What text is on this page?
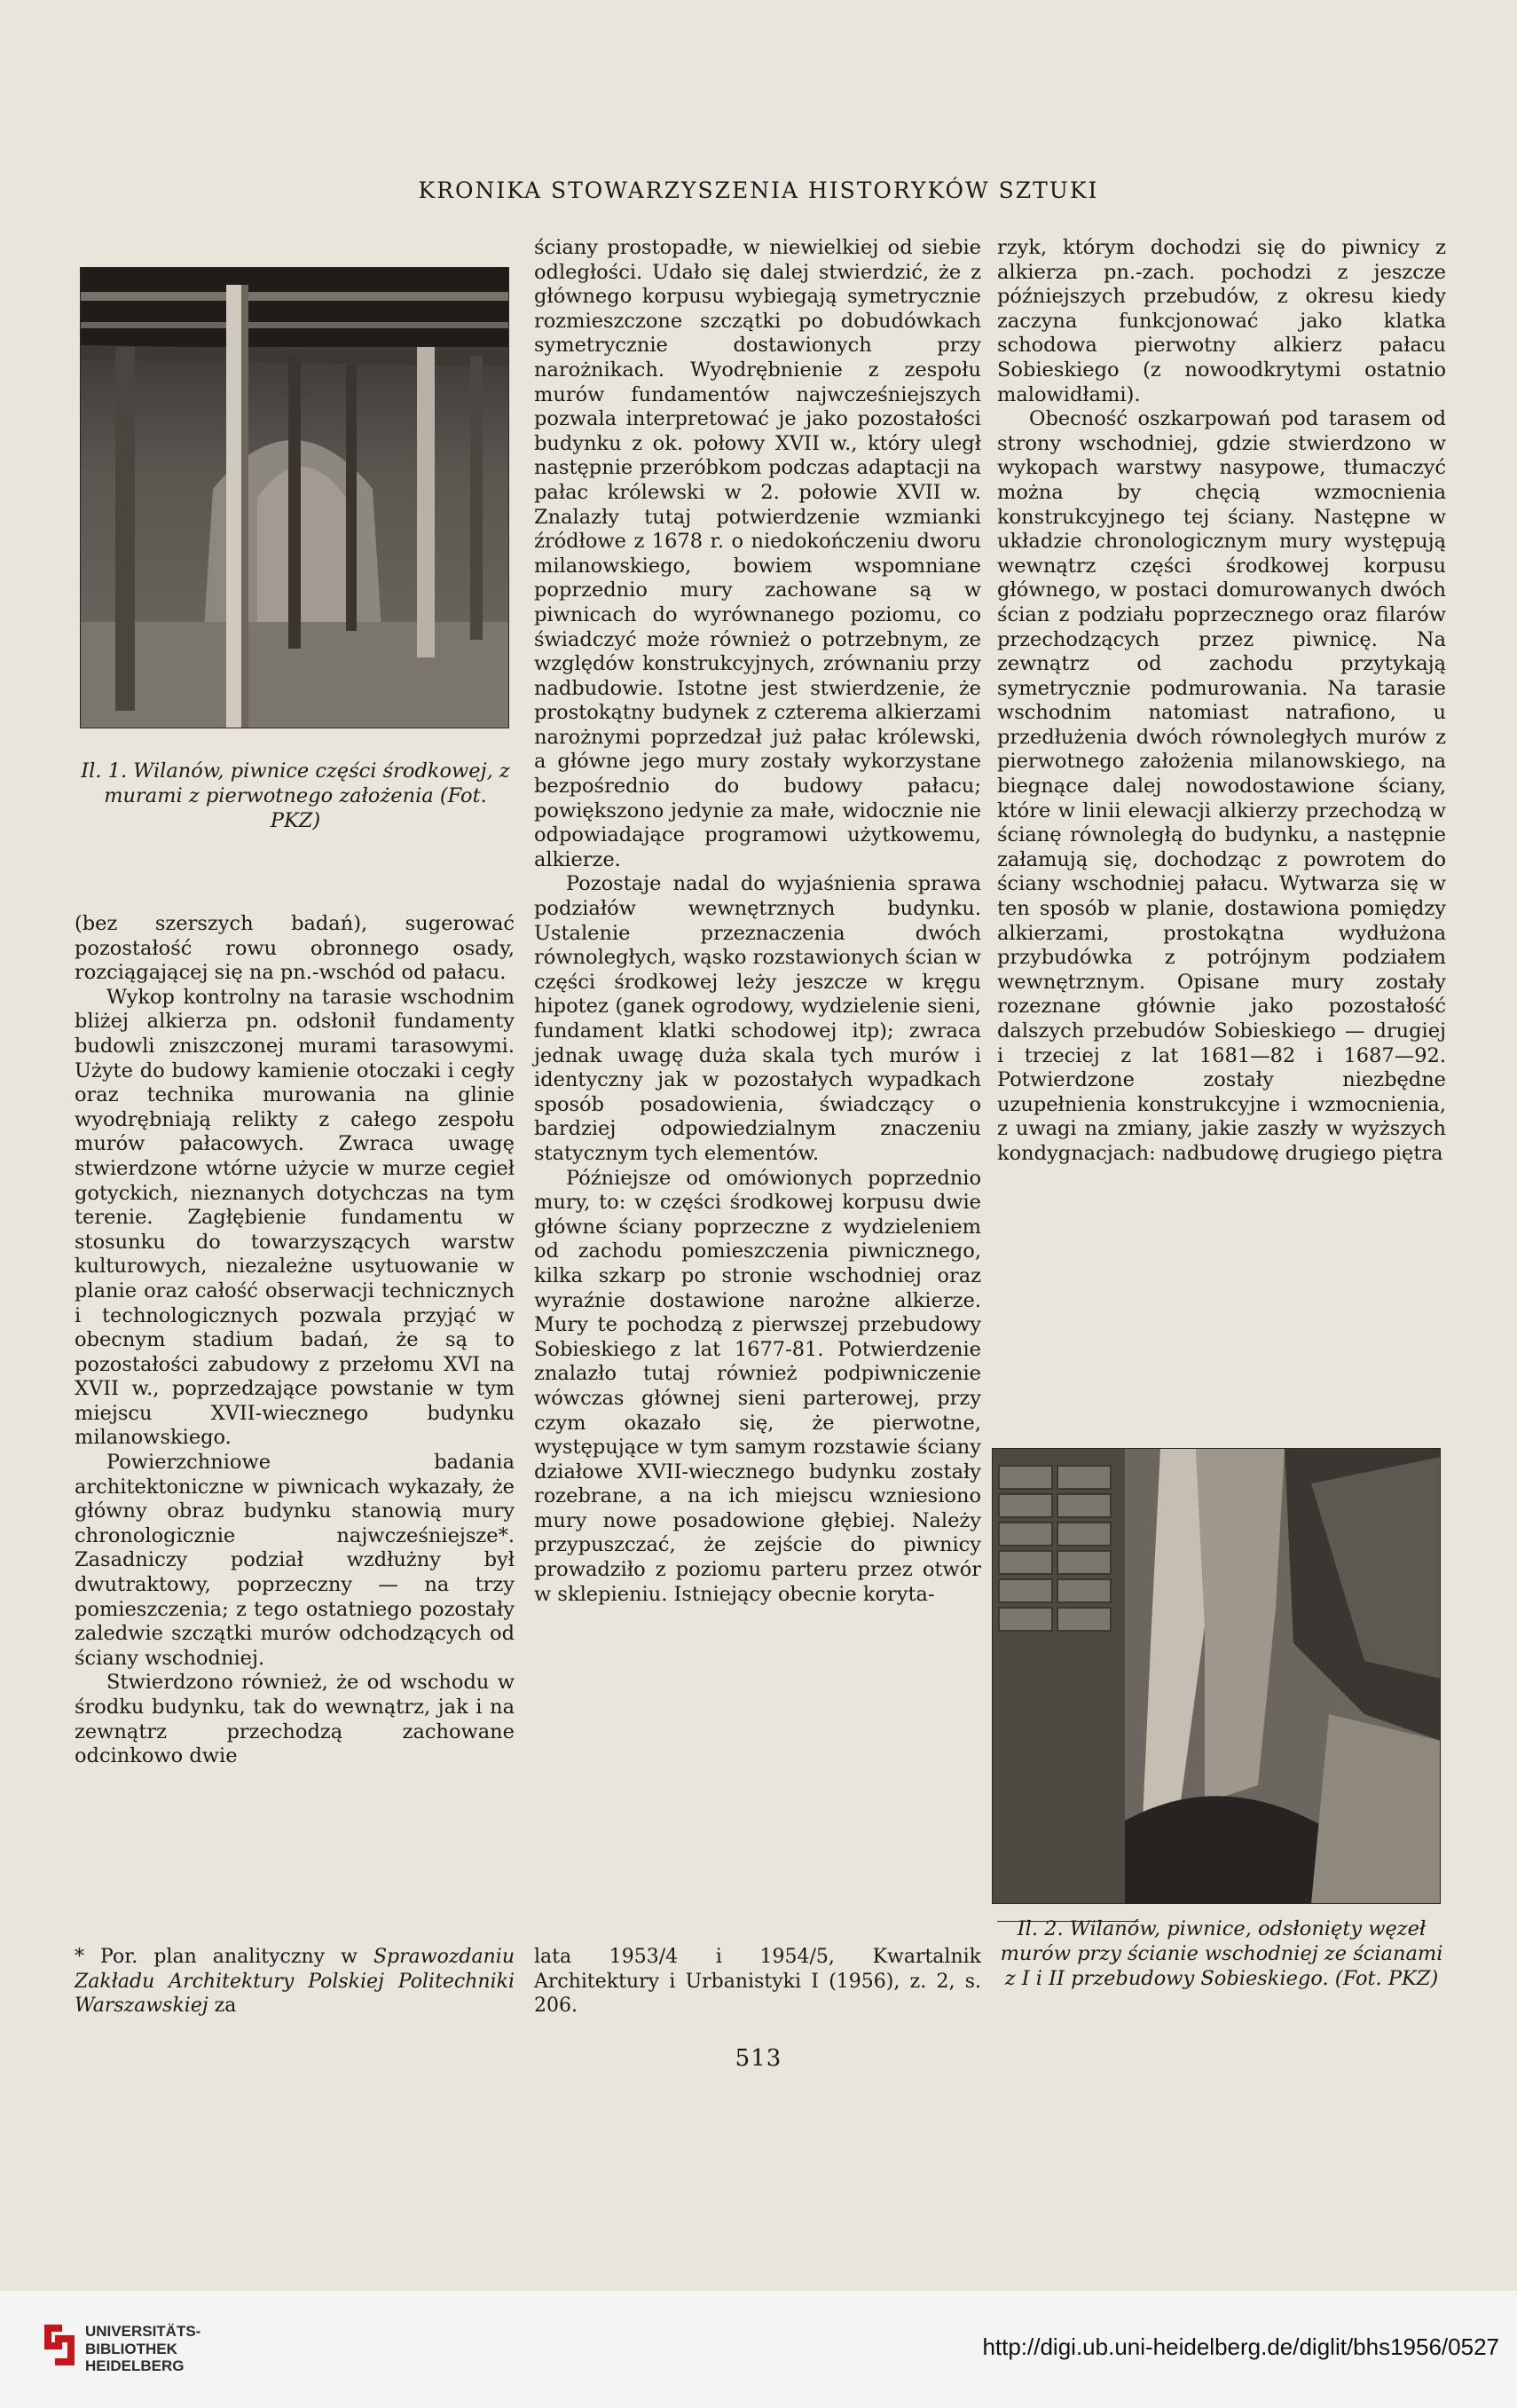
KRONIKA STOWARZYSZENIA HISTORYKÓW SZTUKI
Il. 1. Wilanów, piwnice części środkowej, z murami z pierwotnego założenia (Fot. PKZ)

(bez szerszych badań), sugerować pozostałość rowu obronnego osady, rozciągającej się na pn.-wschód od pałacu.

Wykop kontrolny na tarasie wschodnim bliżej alkierza pn. odsłonił fundamenty budowli zniszczonej murami tarasowymi. Użyte do budowy kamienie otoczaki i cegły oraz technika murowania na glinie wyodrębniają relikty z całego zespołu murów pałacowych. Zwraca uwagę stwierdzone wtórne użycie w murze cegieł gotyckich, nieznanych dotychczas na tym terenie. Zagłębienie fundamentu w stosunku do towarzyszących warstw kulturowych, niezależne usytuowanie w planie oraz całość obserwacji technicznych i technologicznych pozwala przyjąć w obecnym stadium badań, że są to pozostałości zabudowy z przełomu XVI na XVII w., poprzedzające powstanie w tym miejscu XVII-wiecznego budynku milanowskiego.

Powierzchniowe badania architektoniczne w piwnicach wykazały, że główny obraz budynku stanowią mury chronologicznie najwcześniejsze*. Zasadniczy podział wzdłużny był dwutraktowy, poprzeczny — na trzy pomieszczenia; z tego ostatniego pozostały zaledwie szczątki murów odchodzących od ściany wschodniej.

Stwierdzono również, że od wschodu w środku budynku, tak do wewnątrz, jak i na zewnątrz przechodzą zachowane odcinkowo dwie

ściany prostopadłe, w niewielkiej od siebie odległości. Udało się dalej stwierdzić, że z głównego korpusu wybiegają symetrycznie rozmieszczone szczątki po dobudówkach symetrycznie dostawionych przy narożnikach. Wyodrębnienie z zespołu murów fundamentów najwcześniejszych pozwala interpretować je jako pozostałości budynku z ok. połowy XVII w., który uległ następnie przeróbkom podczas adaptacji na pałac królewski w 2. połowie XVII w. Znalazły tutaj potwierdzenie wzmianki źródłowe z 1678 r. o niedokończeniu dworu milanowskiego, bowiem wspomniane poprzednio mury zachowane są w piwnicach do wyrównanego poziomu, co świadczyć może również o potrzebnym, ze względów konstrukcyjnych, zrównaniu przy nadbudowie. Istotne jest stwierdzenie, że prostokątny budynek z czterema alkierzami narożnymi poprzedzał już pałac królewski, a główne jego mury zostały wykorzystane bezpośrednio do budowy pałacu; powiększono jedynie za małe, widocznie nie odpowiadające programowi użytkowemu, alkierze.

Pozostaje nadal do wyjaśnienia sprawa podziałów wewnętrznych budynku. Ustalenie przeznaczenia dwóch równoległych, wąsko rozstawionych ścian w części środkowej leży jeszcze w kręgu hipotez (ganek ogrodowy, wydzielenie sieni, fundament klatki schodowej itp); zwraca jednak uwagę duża skala tych murów i identyczny jak w pozostałych wypadkach sposób posadowienia, świadczący o bardziej odpowiedzialnym znaczeniu statycznym tych elementów.

Późniejsze od omówionych poprzednio mury, to: w części środkowej korpusu dwie główne ściany poprzeczne z wydzieleniem od zachodu pomieszczenia piwnicznego, kilka szkarp po stronie wschodniej oraz wyraźnie dostawione narożne alkierze. Mury te pochodzą z pierwszej przebudowy Sobieskiego z lat 1677-81. Potwierdzenie znalazło tutaj również podpiwniczenie wówczas głównej sieni parterowej, przy czym okazało się, że pierwotne, występujące w tym samym rozstawie ściany działowe XVII-wiecznego budynku zostały rozebrane, a na ich miejscu wzniesiono mury nowe posadowione głębiej. Należy przypuszczać, że zejście do piwnicy prowadziło z poziomu parteru przez otwór w sklepieniu. Istniejący obecnie koryta-

rzyk, którym dochodzi się do piwnicy z alkierza pn.-zach. pochodzi z jeszcze późniejszych przebudów, z okresu kiedy zaczyna funkcjonować jako klatka schodowa pierwotny alkierz pałacu Sobieskiego (z nowoodkrytymi ostatnio malowidłami).

Obecność oszkarpowań pod tarasem od strony wschodniej, gdzie stwierdzono w wykopach warstwy nasypowe, tłumaczyć można by chęcią wzmocnienia konstrukcyjnego tej ściany. Następne w układzie chronologicznym mury występują wewnątrz części środkowej korpusu głównego, w postaci domurowanych dwóch ścian z podziału poprzecznego oraz filarów przechodzących przez piwnicę. Na zewnątrz od zachodu przytykają symetrycznie podmurowania. Na tarasie wschodnim natomiast natrafiono, u przedłużenia dwóch równoległych murów z pierwotnego założenia milanowskiego, na biegnące dalej nowodostawione ściany, które w linii elewacji alkierzy przechodzą w ścianę równoległą do budynku, a następnie załamują się, dochodząc z powrotem do ściany wschodniej pałacu. Wytwarza się w ten sposób w planie, dostawiona pomiędzy alkierzami, prostokątna wydłużona przybudówka z potrójnym podziałem wewnętrznym. Opisane mury zostały rozeznane głównie jako pozostałość dalszych przebudów Sobieskiego — drugiej i trzeciej z lat 1681—82 i 1687—92. Potwierdzone zostały niezbędne uzupełnienia konstrukcyjne i wzmocnienia, z uwagi na zmiany, jakie zaszły w wyższych kondygnacjach: nadbudowę drugiego piętra

Il. 2. Wilanów, piwnice, odsłonięty węzeł murów przy ścianie wschodniej ze ścianami z I i II przebudowy Sobieskiego. (Fot. PKZ)
* Por. plan analityczny w Sprawozdaniu Zakładu Architektury Polskiej Politechniki Warszawskiej za
lata 1953/4 i 1954/5, Kwartalnik Architektury i Urbanistyki I (1956), z. 2, s. 206.
513
UNIVERSITÄTS-
BIBLIOTHEK
HEIDELBERG
http://digi.ub.uni-heidelberg.de/diglit/bhs1956/0527
